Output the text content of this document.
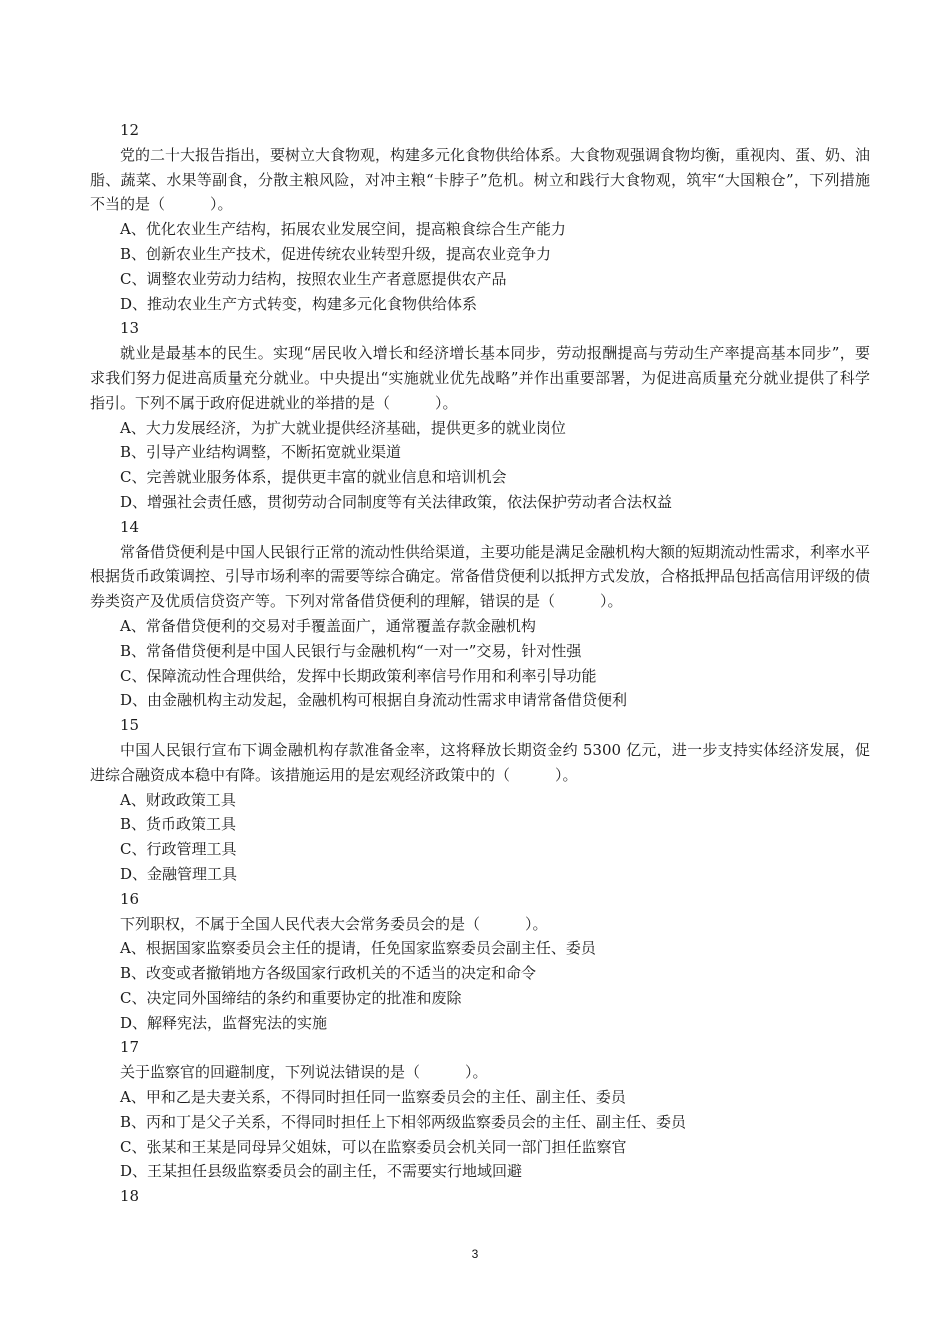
12
党的二十大报告指出，要树立大食物观，构建多元化食物供给体系。大食物观强调食物均衡，重视肉、蛋、奶、油脂、蔬菜、水果等副食，分散主粮风险，对冲主粮“卡脖子”危机。树立和践行大食物观，筑牢“大国粮仓”，下列措施不当的是（　　　）。
A、优化农业生产结构，拓展农业发展空间，提高粮食综合生产能力
B、创新农业生产技术，促进传统农业转型升级，提高农业竞争力
C、调整农业劳动力结构，按照农业生产者意愿提供农产品
D、推动农业生产方式转变，构建多元化食物供给体系
13
就业是最基本的民生。实现“居民收入增长和经济增长基本同步，劳动报酬提高与劳动生产率提高基本同步”，要求我们努力促进高质量充分就业。中央提出“实施就业优先战略”并作出重要部署，为促进高质量充分就业提供了科学指引。下列不属于政府促进就业的举措的是（　　　）。
A、大力发展经济，为扩大就业提供经济基础，提供更多的就业岗位
B、引导产业结构调整，不断拓宽就业渠道
C、完善就业服务体系，提供更丰富的就业信息和培训机会
D、增强社会责任感，贯彻劳动合同制度等有关法律政策，依法保护劳动者合法权益
14
常备借贷便利是中国人民银行正常的流动性供给渠道，主要功能是满足金融机构大额的短期流动性需求，利率水平根据货币政策调控、引导市场利率的需要等综合确定。常备借贷便利以抵押方式发放，合格抵押品包括高信用评级的债券类资产及优质信贷资产等。下列对常备借贷便利的理解，错误的是（　　　）。
A、常备借贷便利的交易对手覆盖面广，通常覆盖存款金融机构
B、常备借贷便利是中国人民银行与金融机构“一对一”交易，针对性强
C、保障流动性合理供给，发挥中长期政策利率信号作用和利率引导功能
D、由金融机构主动发起，金融机构可根据自身流动性需求申请常备借贷便利
15
中国人民银行宣布下调金融机构存款准备金率，这将释放长期资金约 5300 亿元，进一步支持实体经济发展，促进综合融资成本稳中有降。该措施运用的是宏观经济政策中的（　　　）。
A、财政政策工具
B、货币政策工具
C、行政管理工具
D、金融管理工具
16
下列职权，不属于全国人民代表大会常务委员会的是（　　　）。
A、根据国家监察委员会主任的提请，任免国家监察委员会副主任、委员
B、改变或者撤销地方各级国家行政机关的不适当的决定和命令
C、决定同外国缔结的条约和重要协定的批准和废除
D、解释宪法，监督宪法的实施
17
关于监察官的回避制度，下列说法错误的是（　　　）。
A、甲和乙是夫妻关系，不得同时担任同一监察委员会的主任、副主任、委员
B、丙和丁是父子关系，不得同时担任上下相邻两级监察委员会的主任、副主任、委员
C、张某和王某是同母异父姐妹，可以在监察委员会机关同一部门担任监察官
D、王某担任县级监察委员会的副主任，不需要实行地域回避
18
3
